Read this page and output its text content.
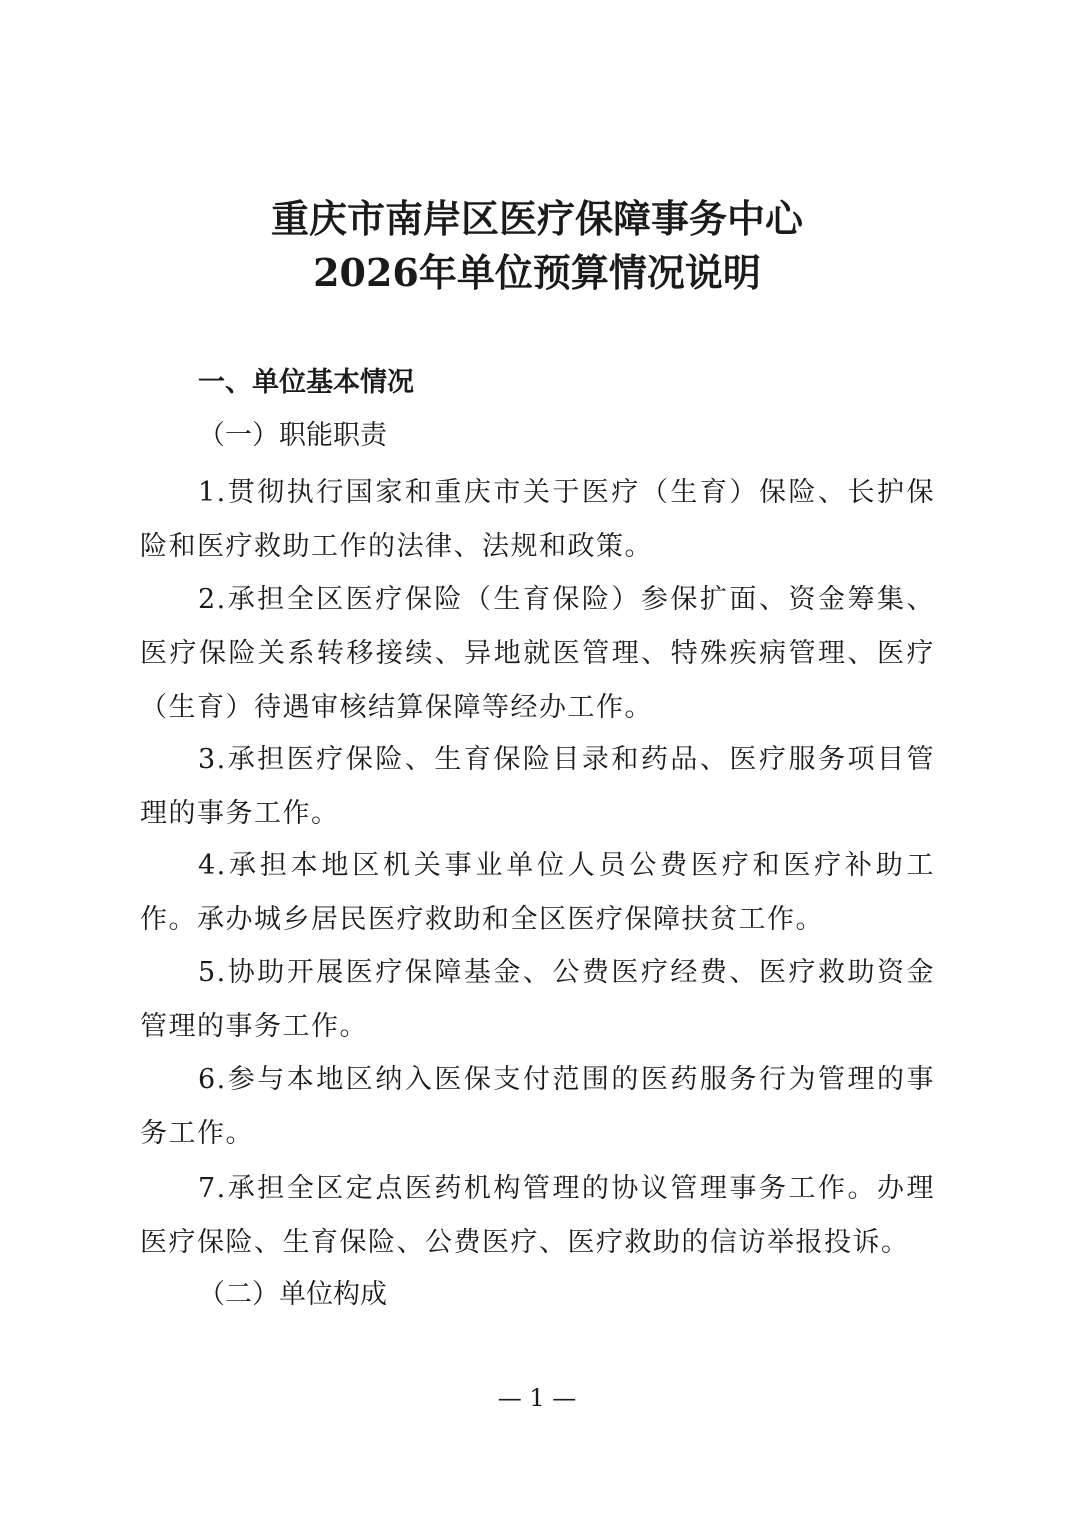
重庆市南岸区医疗保障事务中心
2026年单位预算情况说明
一、单位基本情况
（一）职能职责
1.贯彻执行国家和重庆市关于医疗（生育）保险、长护保险和医疗救助工作的法律、法规和政策。
2.承担全区医疗保险（生育保险）参保扩面、资金筹集、医疗保险关系转移接续、异地就医管理、特殊疾病管理、医疗（生育）待遇审核结算保障等经办工作。
3.承担医疗保险、生育保险目录和药品、医疗服务项目管理的事务工作。
4.承担本地区机关事业单位人员公费医疗和医疗补助工作。承办城乡居民医疗救助和全区医疗保障扶贫工作。
5.协助开展医疗保障基金、公费医疗经费、医疗救助资金管理的事务工作。
6.参与本地区纳入医保支付范围的医药服务行为管理的事务工作。
7.承担全区定点医药机构管理的协议管理事务工作。办理医疗保险、生育保险、公费医疗、医疗救助的信访举报投诉。
（二）单位构成
— 1 —
